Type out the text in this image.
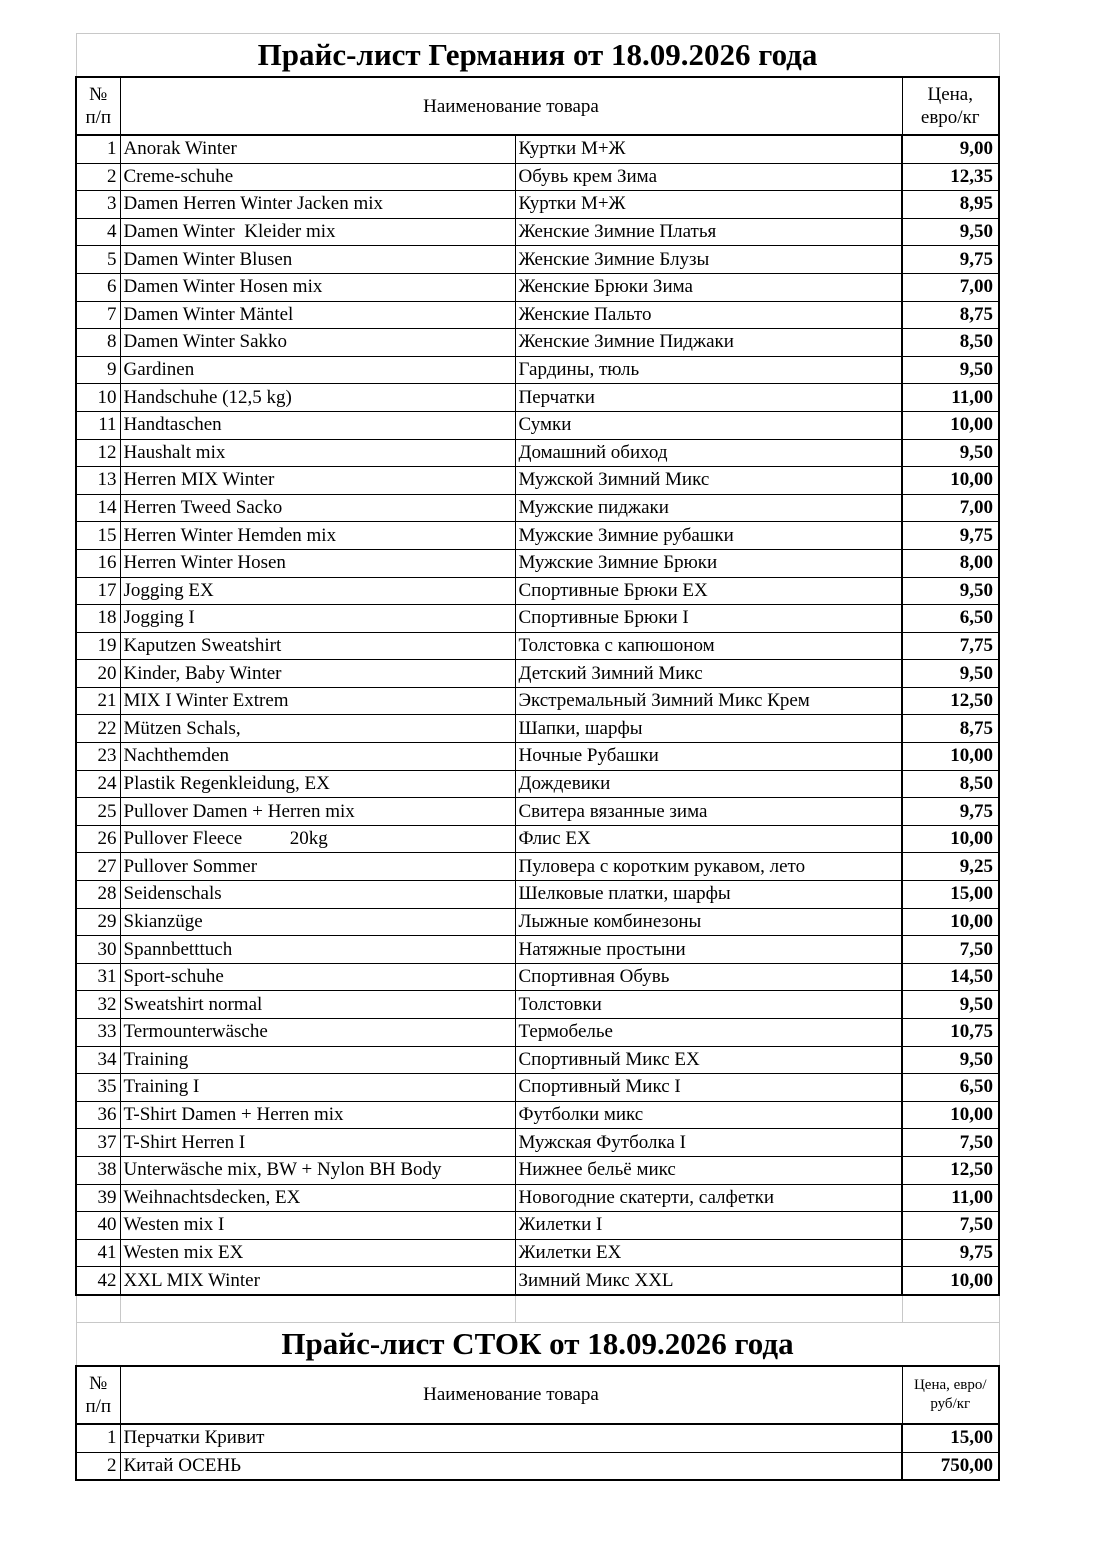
Прайс-лист Германия от 18.09.2026 года			
№
п/п	Наименование товара		Цена,
евро/кг
1	Anorak Winter	Куртки М+Ж	9,00
2	Creme-schuhe	Обувь крем Зима	12,35
3	Damen Herren Winter Jacken mix	Куртки М+Ж	8,95
4	Damen Winter  Kleider mix	Женские Зимние Платья	9,50
5	Damen Winter Blusen	Женские Зимние Блузы	9,75
6	Damen Winter Hosen mix	Женские Брюки Зима	7,00
7	Damen Winter Mäntel	Женские Пальто	8,75
8	Damen Winter Sakko	Женские Зимние Пиджаки	8,50
9	Gardinen	Гардины, тюль	9,50
10	Handschuhe (12,5 kg)	Перчатки	11,00
11	Handtaschen	Сумки	10,00
12	Haushalt mix	Домашний обиход	9,50
13	Herren MIX Winter	Мужской Зимний Микс	10,00
14	Herren Tweed Sacko	Мужские пиджаки	7,00
15	Herren Winter Hemden mix	Мужские Зимние рубашки	9,75
16	Herren Winter Hosen	Мужские Зимние Брюки	8,00
17	Jogging EX	Спортивные Брюки ЕХ	9,50
18	Jogging I	Спортивные Брюки I	6,50
19	Kaputzen Sweatshirt	Толстовка с капюшоном	7,75
20	Kinder, Baby Winter	Детский Зимний Микс	9,50
21	MIX I Winter Extrem	Экстремальный Зимний Микс Крем	12,50
22	Mützen Schals,	Шапки, шарфы	8,75
23	Nachthemden	Ночные Рубашки	10,00
24	Plastik Regenkleidung, EX	Дождевики	8,50
25	Pullover Damen + Herren mix	Свитера вязанные зима	9,75
26	Pullover Fleece          20kg	Флис ЕХ	10,00
27	Pullover Sommer	Пуловера с коротким рукавом, лето	9,25
28	Seidenschals	Шелковые платки, шарфы	15,00
29	Skianzüge	Лыжные комбинезоны	10,00
30	Spannbetttuch	Натяжные простыни	7,50
31	Sport-schuhe	Спортивная Обувь	14,50
32	Sweatshirt normal	Толстовки	9,50
33	Termounterwäsche	Термобелье	10,75
34	Training	Спортивный Микс ЕХ	9,50
35	Training I	Спортивный Микс I	6,50
36	T-Shirt Damen + Herren mix	Футболки микс	10,00
37	T-Shirt Herren I	Мужская Футболка I	7,50
38	Unterwäsche mix, BW + Nylon BH Body	Нижнее бельё микс	12,50
39	Weihnachtsdecken, EX	Новогодние скатерти, салфетки	11,00
40	Westen mix I	Жилетки I	7,50
41	Westen mix EX	Жилетки ЕХ	9,75
42	XXL MIX Winter	Зимний Микс XXL	10,00

Прайс-лист СТОК от 18.09.2026 года			
№
п/п	Наименование товара		Цена, евро/
руб/кг
1	Перчатки Кривит		15,00
2	Китай ОСЕНЬ		750,00
